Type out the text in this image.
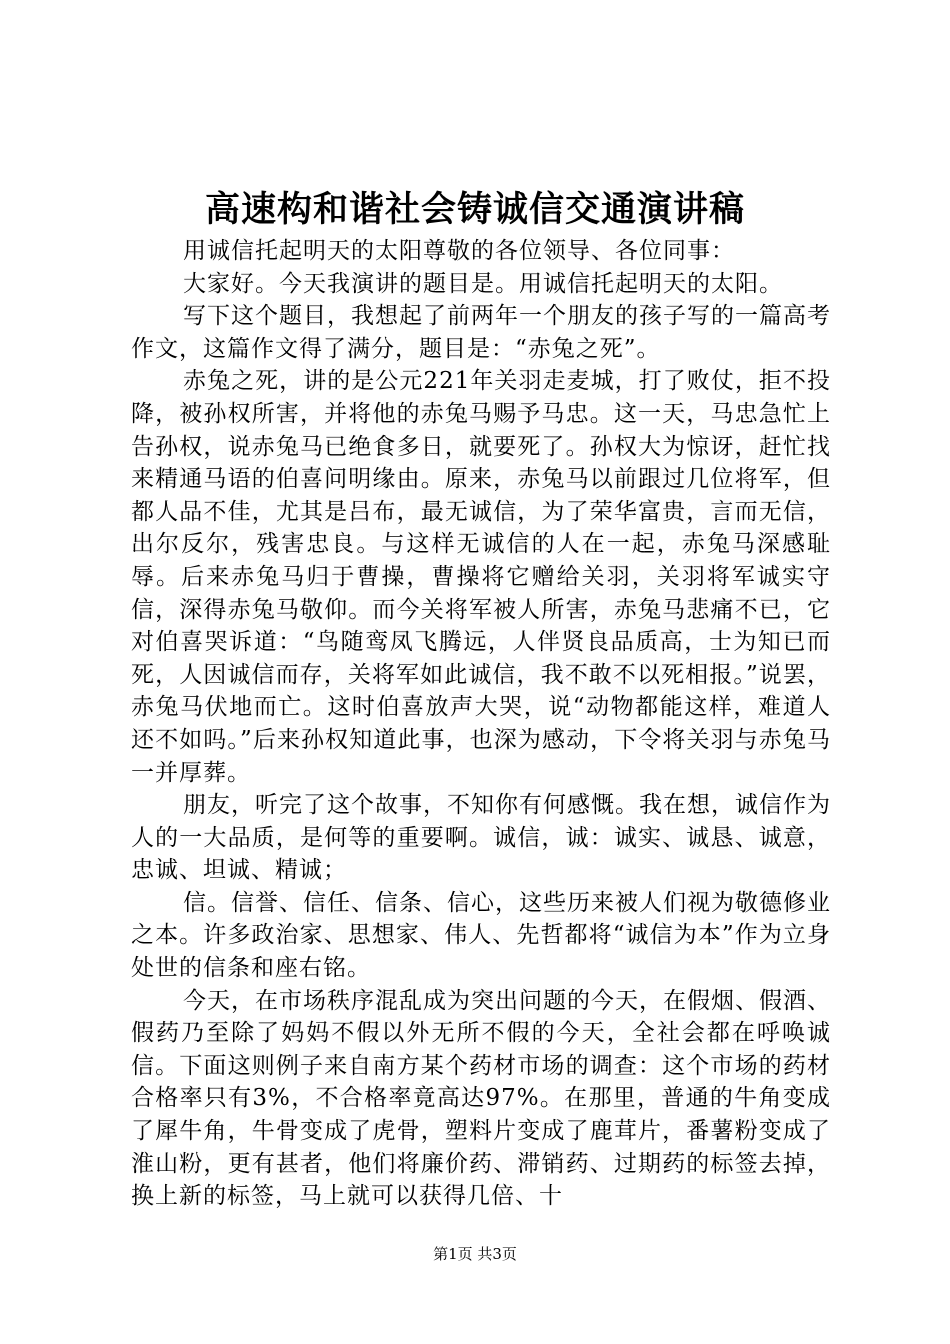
高速构和谐社会铸诚信交通演讲稿

用诚信托起明天的太阳尊敬的各位领导、各位同事：

大家好。今天我演讲的题目是。用诚信托起明天的太阳。

写下这个题目，我想起了前两年一个朋友的孩子写的一篇高考作文，这篇作文得了满分，题目是：“赤兔之死”。

赤兔之死，讲的是公元221年关羽走麦城，打了败仗，拒不投降，被孙权所害，并将他的赤兔马赐予马忠。这一天，马忠急忙上告孙权，说赤兔马已绝食多日，就要死了。孙权大为惊讶，赶忙找来精通马语的伯喜问明缘由。原来，赤兔马以前跟过几位将军，但都人品不佳，尤其是吕布，最无诚信，为了荣华富贵，言而无信，出尔反尔，残害忠良。与这样无诚信的人在一起，赤兔马深感耻辱。后来赤兔马归于曹操，曹操将它赠给关羽，关羽将军诚实守信，深得赤兔马敬仰。而今关将军被人所害，赤兔马悲痛不已，它对伯喜哭诉道：“鸟随鸾凤飞腾远，人伴贤良品质高，士为知已而死，人因诚信而存，关将军如此诚信，我不敢不以死相报。”说罢，赤兔马伏地而亡。这时伯喜放声大哭，说“动物都能这样，难道人还不如吗。”后来孙权知道此事，也深为感动，下令将关羽与赤兔马一并厚葬。

朋友，听完了这个故事，不知你有何感慨。我在想，诚信作为人的一大品质，是何等的重要啊。诚信，诚：诚实、诚恳、诚意，忠诚、坦诚、精诚；

信。信誉、信任、信条、信心，这些历来被人们视为敬德修业之本。许多政治家、思想家、伟人、先哲都将“诚信为本”作为立身处世的信条和座右铭。

今天，在市场秩序混乱成为突出问题的今天，在假烟、假酒、假药乃至除了妈妈不假以外无所不假的今天，全社会都在呼唤诚信。下面这则例子来自南方某个药材市场的调查：这个市场的药材合格率只有3%，不合格率竟高达97%。在那里，普通的牛角变成了犀牛角，牛骨变成了虎骨，塑料片变成了鹿茸片，番薯粉变成了淮山粉，更有甚者，他们将廉价药、滞销药、过期药的标签去掉，换上新的标签，马上就可以获得几倍、十

第1页 共3页
